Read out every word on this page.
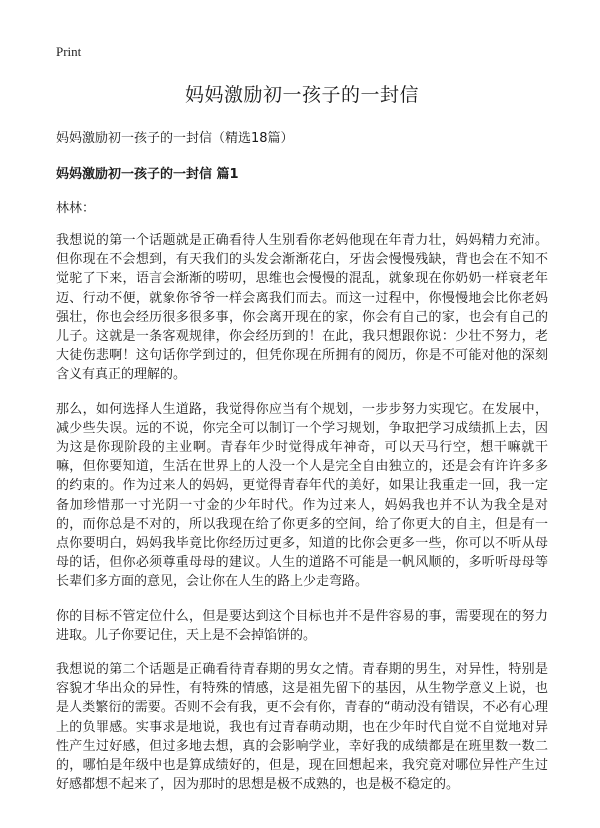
Print
妈妈激励初一孩子的一封信
妈妈激励初一孩子的一封信（精选18篇）
妈妈激励初一孩子的一封信 篇1
林林：

我想说的第一个话题就是正确看待人生别看你老妈他现在年青力壮，妈妈精力充沛。但你现在不会想到，有天我们的头发会渐渐花白，牙齿会慢慢残缺，背也会在不知不觉驼了下来，语言会渐渐的唠叨，思维也会慢慢的混乱，就象现在你奶奶一样衰老年迈、行动不便，就象你爷爷一样会离我们而去。而这一过程中，你慢慢地会比你老妈强壮，你也会经历很多很多事，你会离开现在的家，你会有自己的家，也会有自己的儿子。这就是一条客观规律，你会经历到的！在此，我只想跟你说：少壮不努力，老大徒伤悲啊！这句话你学到过的，但凭你现在所拥有的阅历，你是不可能对他的深刻含义有真正的理解的。

那么，如何选择人生道路，我觉得你应当有个规划，一步步努力实现它。在发展中，减少些失误。远的不说，你完全可以制订一个学习规划，争取把学习成绩抓上去，因为这是你现阶段的主业啊。青春年少时觉得成年神奇，可以天马行空，想干嘛就干嘛，但你要知道，生活在世界上的人没一个人是完全自由独立的，还是会有许许多多的约束的。作为过来人的妈妈，更觉得青春年代的美好，如果让我重走一回，我一定备加珍惜那一寸光阴一寸金的少年时代。作为过来人，妈妈我也并不认为我全是对的，而你总是不对的，所以我现在给了你更多的空间，给了你更大的自主，但是有一点你要明白，妈妈我毕竟比你经历过更多，知道的比你会更多一些，你可以不听从母母的话，但你必须尊重母母的建议。人生的道路不可能是一帆风顺的，多听听母母等长辈们多方面的意见，会让你在人生的路上少走弯路。

你的目标不管定位什么，但是要达到这个目标也并不是件容易的事，需要现在的努力进取。儿子你要记住，天上是不会掉馅饼的。

我想说的第二个话题是正确看待青春期的男女之情。青春期的男生，对异性，特别是容貌才华出众的异性，有特殊的情感，这是祖先留下的基因，从生物学意义上说，也是人类繁衍的需要。否则不会有我，更不会有你，青春的“萌动没有错误，不必有心理上的负罪感。实事求是地说，我也有过青春萌动期，也在少年时代自觉不自觉地对异性产生过好感，但过多地去想，真的会影响学业，幸好我的成绩都是在班里数一数二的，哪怕是年级中也是算成绩好的，但是，现在回想起来，我究竟对哪位异性产生过好感都想不起来了，因为那时的思想是极不成熟的，也是极不稳定的。
